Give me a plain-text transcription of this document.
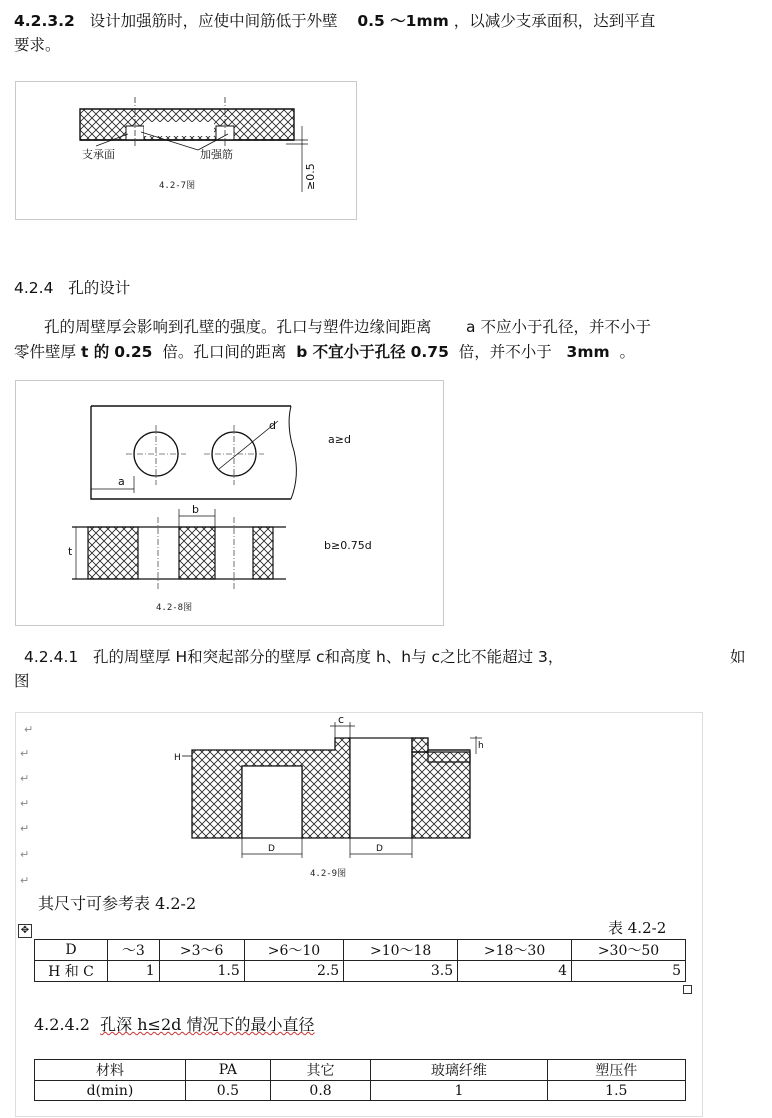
4.2.3.2 设计加强筋时，应使中间筋低于外壁 0.5 ～1mm ，以减少支承面积，达到平直
要求。
支承面	加强筋
≥0.5
4.2-7图
4.2.4 孔的设计
孔的周壁厚会影响到孔壁的强度。孔口与塑件边缘间距离 a 不应小于孔径，并不小于
零件壁厚 t 的 0.25 倍。孔口间的距离 b 不宜小于孔径 0.75 倍，并不小于 3mm 。
d
a
a≥d
b
t	b≥0.75d
4.2-8图
4.2.4.1 孔的周壁厚 H和突起部分的壁厚 c和高度 h、h与 c之比不能超过 3，	如
图
↵
↵
↵
↵
↵
↵
↵
H
c
h
D	D
4.2-9图
其尺寸可参考表 4.2-2
✥	表 4.2-2
D	～3	>3～6	>6～10	>10～18	>18～30	>30～50
H 和 C	1	1.5	2.5	3.5	4	5
4.2.4.2 孔深 h≤2d 情况下的最小直径
材料	PA	其它	玻璃纤维	塑压件
d(min)	0.5	0.8	1	1.5
